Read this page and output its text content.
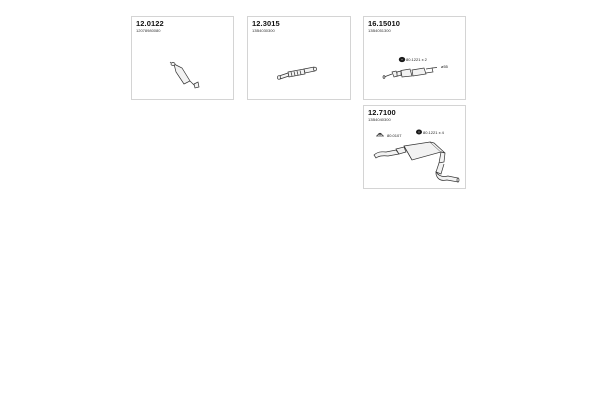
12.0122
12078980080
12.3015
13B4030300
16.15010
13B4051300
80.1221 x 2
ø55
12.7100
13B4040300
80.0107
80.1221 x 4
